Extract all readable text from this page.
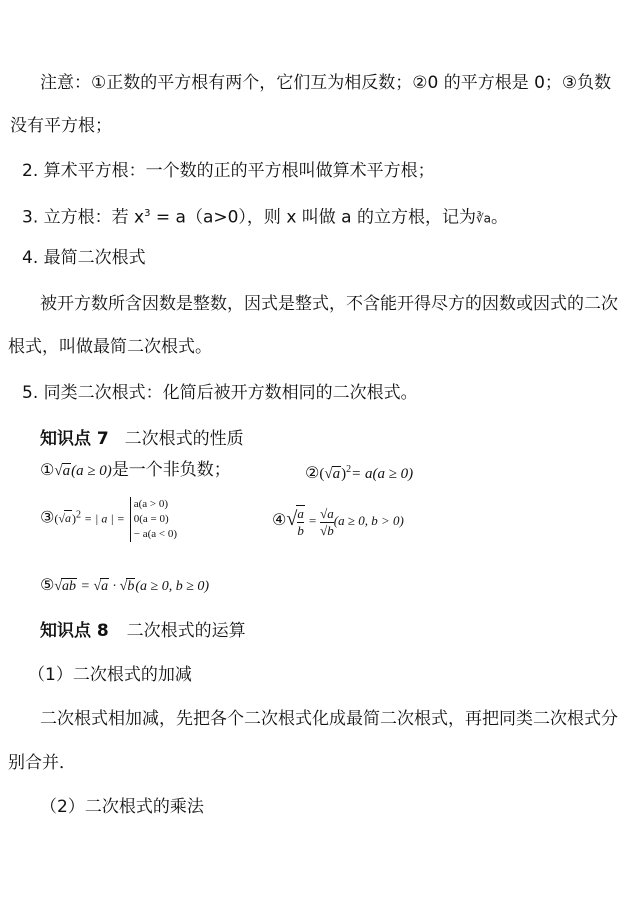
注意：①正数的平方根有两个，它们互为相反数；②0 的平方根是 0；③负数
没有平方根；
2. 算术平方根：一个数的正的平方根叫做算术平方根；
3. 立方根：若 $x^3 = a(a>0)$，则 x 叫做 a 的立方根，记为∛a。
4. 最简二次根式
被开方数所含因数是整数，因式是整式，不含能开得尽方的因数或因式的二次
根式，叫做最简二次根式。
5. 同类二次根式：化简后被开方数相同的二次根式。
知识点 7 二次根式的性质
①√a(a ≥ 0)是一个非负数；	$②(√a)^2= a(a \ge 0)$
$③(√a)^2$ = | a | =
a(a > 0)
0(a = 0)
− a(a < 0)
④√ $\frac{a}{b} = \frac{√a}{√b} (a \ge 0$, b > 0)
⑤√ab = √a · √b(a ≥ 0, b ≥ 0)
知识点 8 二次根式的运算
（1）二次根式的加减
二次根式相加减，先把各个二次根式化成最简二次根式，再把同类二次根式分
别合并．
（2）二次根式的乘法
